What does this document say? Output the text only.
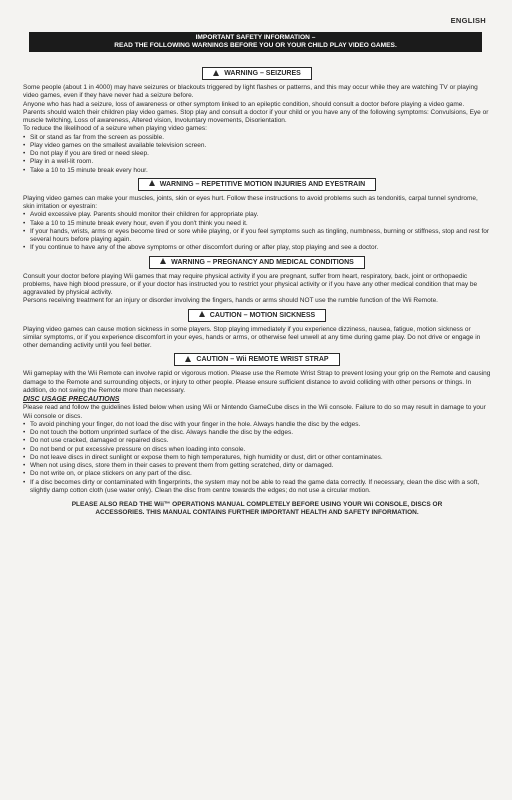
ENGLISH
IMPORTANT SAFETY INFORMATION –
READ THE FOLLOWING WARNINGS BEFORE YOU OR YOUR CHILD PLAY VIDEO GAMES.
WARNING – SEIZURES

Some people (about 1 in 4000) may have seizures or blackouts triggered by light flashes or patterns, and this may occur while they are watching TV or playing video games, even if they have never had a seizure before.

Anyone who has had a seizure, loss of awareness or other symptom linked to an epileptic condition, should consult a doctor before playing a video game.

Parents should watch their children play video games. Stop play and consult a doctor if your child or you have any of the following symptoms: Convulsions, Eye or muscle twitching, Loss of awareness, Altered vision, Involuntary movements, Disorientation.

To reduce the likelihood of a seizure when playing video games:

• Sit or stand as far from the screen as possible.
• Play video games on the smallest available television screen.
• Do not play if you are tired or need sleep.
• Play in a well-lit room.
• Take a 10 to 15 minute break every hour.
WARNING – REPETITIVE MOTION INJURIES AND EYESTRAIN

Playing video games can make your muscles, joints, skin or eyes hurt. Follow these instructions to avoid problems such as tendonitis, carpal tunnel syndrome, skin irritation or eyestrain:

• Avoid excessive play. Parents should monitor their children for appropriate play.
• Take a 10 to 15 minute break every hour, even if you don't think you need it.
• If your hands, wrists, arms or eyes become tired or sore while playing, or if you feel symptoms such as tingling, numbness, burning or stiffness, stop and rest for several hours before playing again.
• If you continue to have any of the above symptoms or other discomfort during or after play, stop playing and see a doctor.
WARNING – PREGNANCY AND MEDICAL CONDITIONS

Consult your doctor before playing Wii games that may require physical activity if you are pregnant, suffer from heart, respiratory, back, joint or orthopaedic problems, have high blood pressure, or if your doctor has instructed you to restrict your physical activity or if you have any other medical condition that may be aggravated by physical activity.

Persons receiving treatment for an injury or disorder involving the fingers, hands or arms should NOT use the rumble function of the Wii Remote.

CAUTION – MOTION SICKNESS

Playing video games can cause motion sickness in some players. Stop playing immediately if you experience dizziness, nausea, fatigue, motion sickness or similar symptoms, or if you experience discomfort in your eyes, hands or arms, or otherwise feel unwell at any time during game play. Do not drive or engage in other demanding activity until you feel better.

CAUTION – Wii REMOTE WRIST STRAP

Wii gameplay with the Wii Remote can involve rapid or vigorous motion. Please use the Remote Wrist Strap to prevent losing your grip on the Remote and causing damage to the Remote and surrounding objects, or injury to other people. Please ensure sufficient distance to avoid colliding with other persons or things. In addition, do not swing the Remote more than necessary.

DISC USAGE PRECAUTIONS

Please read and follow the guidelines listed below when using Wii or Nintendo GameCube discs in the Wii console. Failure to do so may result in damage to your Wii console or discs.

• To avoid pinching your finger, do not load the disc with your finger in the hole. Always handle the disc by the edges.
• Do not touch the bottom unprinted surface of the disc. Always handle the disc by the edges.
• Do not use cracked, damaged or repaired discs.
• Do not bend or put excessive pressure on discs when loading into console.
• Do not leave discs in direct sunlight or expose them to high temperatures, high humidity or dust, dirt or other contaminates.
• When not using discs, store them in their cases to prevent them from getting scratched, dirty or damaged.
• Do not write on, or place stickers on any part of the disc.
• If a disc becomes dirty or contaminated with fingerprints, the system may not be able to read the game data correctly. If necessary, clean the disc with a soft, slightly damp cotton cloth (use water only). Clean the disc from centre towards the edges; do not use a circular motion.
PLEASE ALSO READ THE Wii™ OPERATIONS MANUAL COMPLETELY BEFORE USING YOUR Wii CONSOLE, DISCS OR ACCESSORIES. THIS MANUAL CONTAINS FURTHER IMPORTANT HEALTH AND SAFETY INFORMATION.
